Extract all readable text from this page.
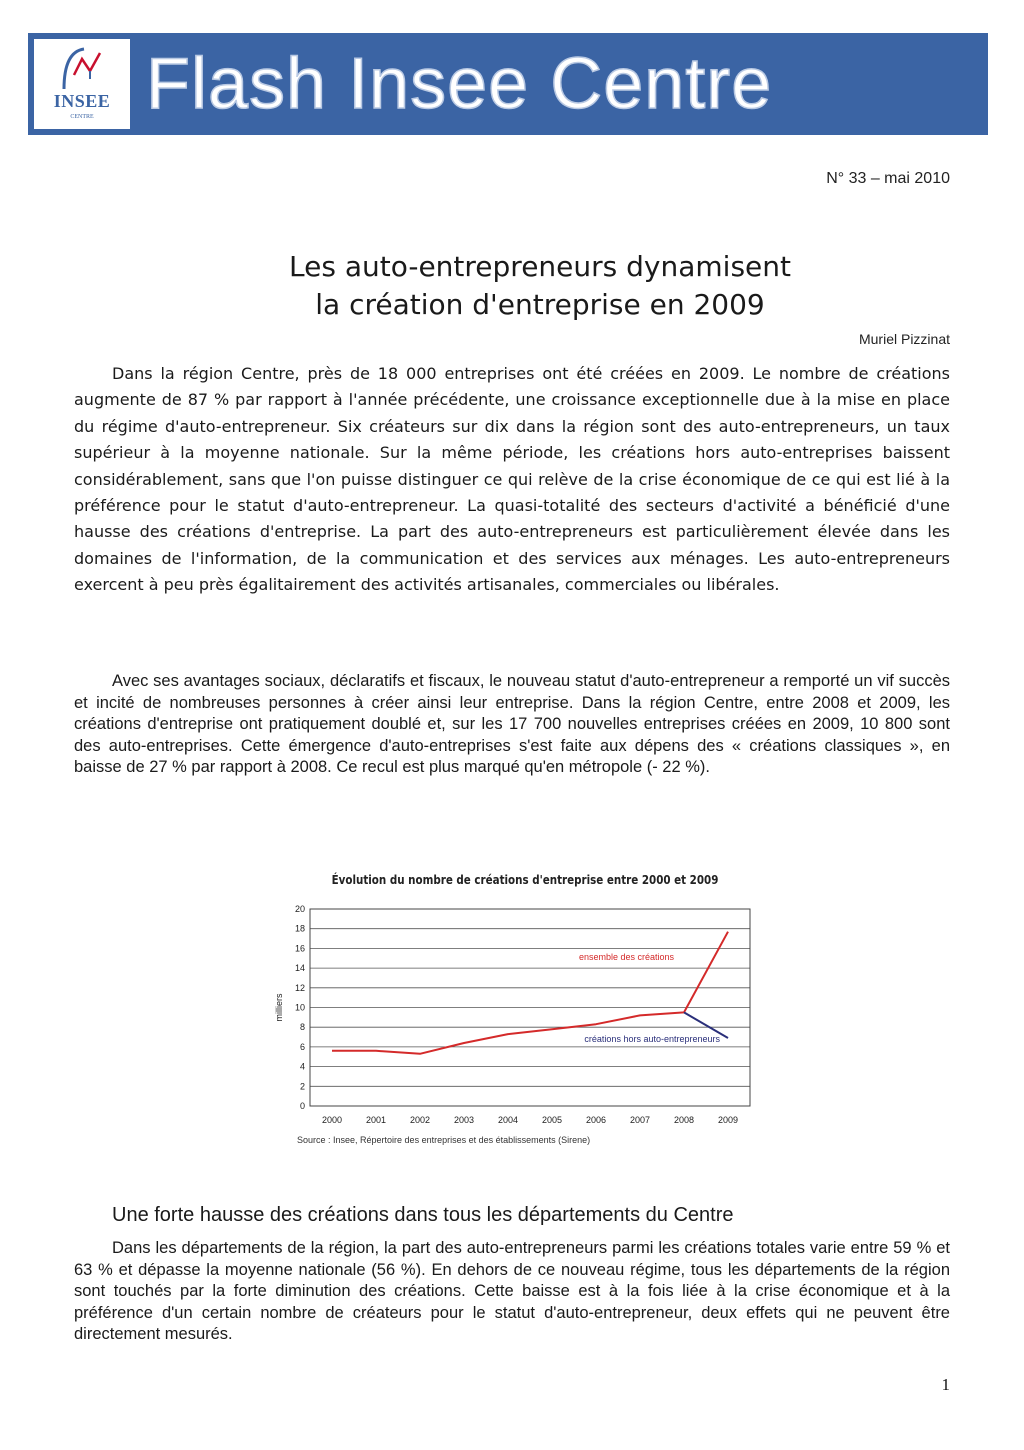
INSEE
CENTRE Flash Insee Centre
N° 33 – mai 2010
Les auto-entrepreneurs dynamisent
la création d'entreprise en 2009
Muriel Pizzinat

Dans la région Centre, près de 18 000 entreprises ont été créées en 2009. Le nombre de créations augmente de 87 % par rapport à l'année précédente, une croissance exceptionnelle due à la mise en place du régime d'auto-entrepreneur. Six créateurs sur dix dans la région sont des auto-entrepreneurs, un taux supérieur à la moyenne nationale. Sur la même période, les créations hors auto-entreprises baissent considérablement, sans que l'on puisse distinguer ce qui relève de la crise économique de ce qui est lié à la préférence pour le statut d'auto-entrepreneur. La quasi-totalité des secteurs d'activité a bénéficié d'une hausse des créations d'entreprise. La part des auto-entrepreneurs est particulièrement élevée dans les domaines de l'information, de la communication et des services aux ménages. Les auto-entrepreneurs exercent à peu près égalitairement des activités artisanales, commerciales ou libérales.

Avec ses avantages sociaux, déclaratifs et fiscaux, le nouveau statut d'auto-entrepreneur a remporté un vif succès et incité de nombreuses personnes à créer ainsi leur entreprise. Dans la région Centre, entre 2008 et 2009, les créations d'entreprise ont pratiquement doublé et, sur les 17 700 nouvelles entreprises créées en 2009, 10 800 sont des auto-entreprises. Cette émergence d'auto-entreprises s'est faite aux dépens des « créations classiques », en baisse de 27 % par rapport à 2008. Ce recul est plus marqué qu'en métropole (- 22 %).

Évolution du nombre de créations d'entreprise entre 2000 et 2009
0
2
4
6
8
10
12
14
16
18
20
2000	2001	2002	2003	2004	2005	2006	2007	2008	2009
milliers
ensemble des créations
créations hors auto-entrepreneurs
Source : Insee, Répertoire des entreprises et des établissements (Sirene)
Une forte hausse des créations dans tous les départements du Centre

Dans les départements de la région, la part des auto-entrepreneurs parmi les créations totales varie entre 59 % et 63 % et dépasse la moyenne nationale (56 %). En dehors de ce nouveau régime, tous les départements de la région sont touchés par la forte diminution des créations. Cette baisse est à la fois liée à la crise économique et à la préférence d'un certain nombre de créateurs pour le statut d'auto-entrepreneur, deux effets qui ne peuvent être directement mesurés.

1
